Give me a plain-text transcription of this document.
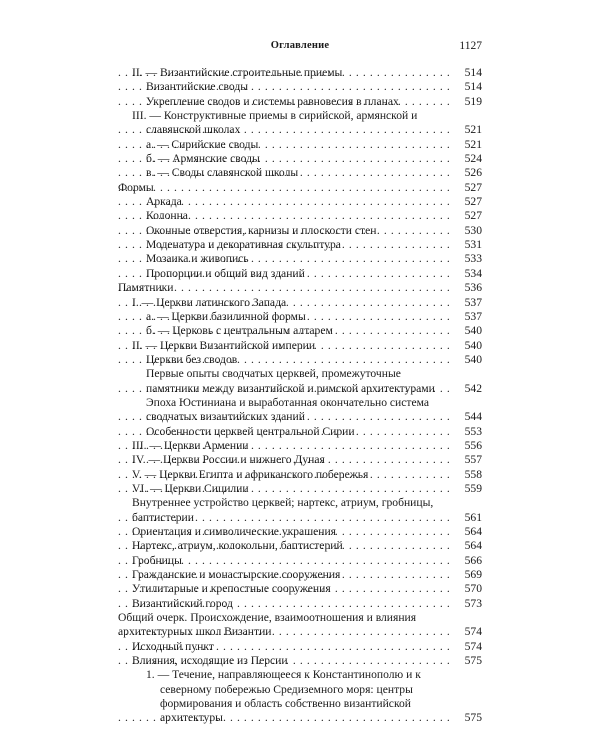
Оглавление	1127
II. — Византийские строительные приемы . . .	514
Византийские своды . . .	514
Укрепление сводов и системы равновесия в планах . . .	519
III. — Конструктивные приемы в сирийской, армянской и славянской школах . . .	521
а. — Сирийские своды . . .	521
б. — Армянские своды . . .	524
в. — Своды славянской школы . . .	526
Формы . . .	527
Аркада . . .	527
Колонна . . .	527
Оконные отверстия, карнизы и плоскости стен . . .	530
Моденатура и декоративная скульптура . . .	531
Мозаика и живопись . . .	533
Пропорции и общий вид зданий . . .	534
Памятники . . .	536
I. — Церкви латинского Запада . . .	537
а. — Церкви базиличной формы . . .	537
б. — Церковь с центральным алтарем . . .	540
II. — Церкви Византийской империи . . .	540
Церкви без сводов . . .	540
Первые опыты сводчатых церквей, промежуточные памятники между византийской и римской архитектурами . . .	542
Эпоха Юстиниана и выработанная окончательно система сводчатых византийских зданий . . .	544
Особенности церквей центральной Сирии . . .	553
III. — Церкви Армении . . .	556
IV. — Церкви России и нижнего Дуная . . .	557
V. — Церкви Египта и африканского побережья . . .	558
VI. — Церкви Сицилии . . .	559
Внутреннее устройство церквей; нартекс, атриум, гробницы, баптистерии . . .	561
Ориентация и символические украшения . . .	564
Нартекс, атриум, колокольни, баптистерий . . .	564
Гробницы . . .	566
Гражданские и монастырские сооружения . . .	569
Утилитарные и крепостные сооружения . . .	570
Византийский город . . .	573
Общий очерк. Происхождение, взаимоотношения и влияния архитектурных школ Византии . . .	574
Исходный пункт . . .	574
Влияния, исходящие из Персии . . .	575
1. — Течение, направляющееся к Константинополю и к северному побережью Средиземного моря: центры формирования и область собственно византийской архитектуры . . .	575
